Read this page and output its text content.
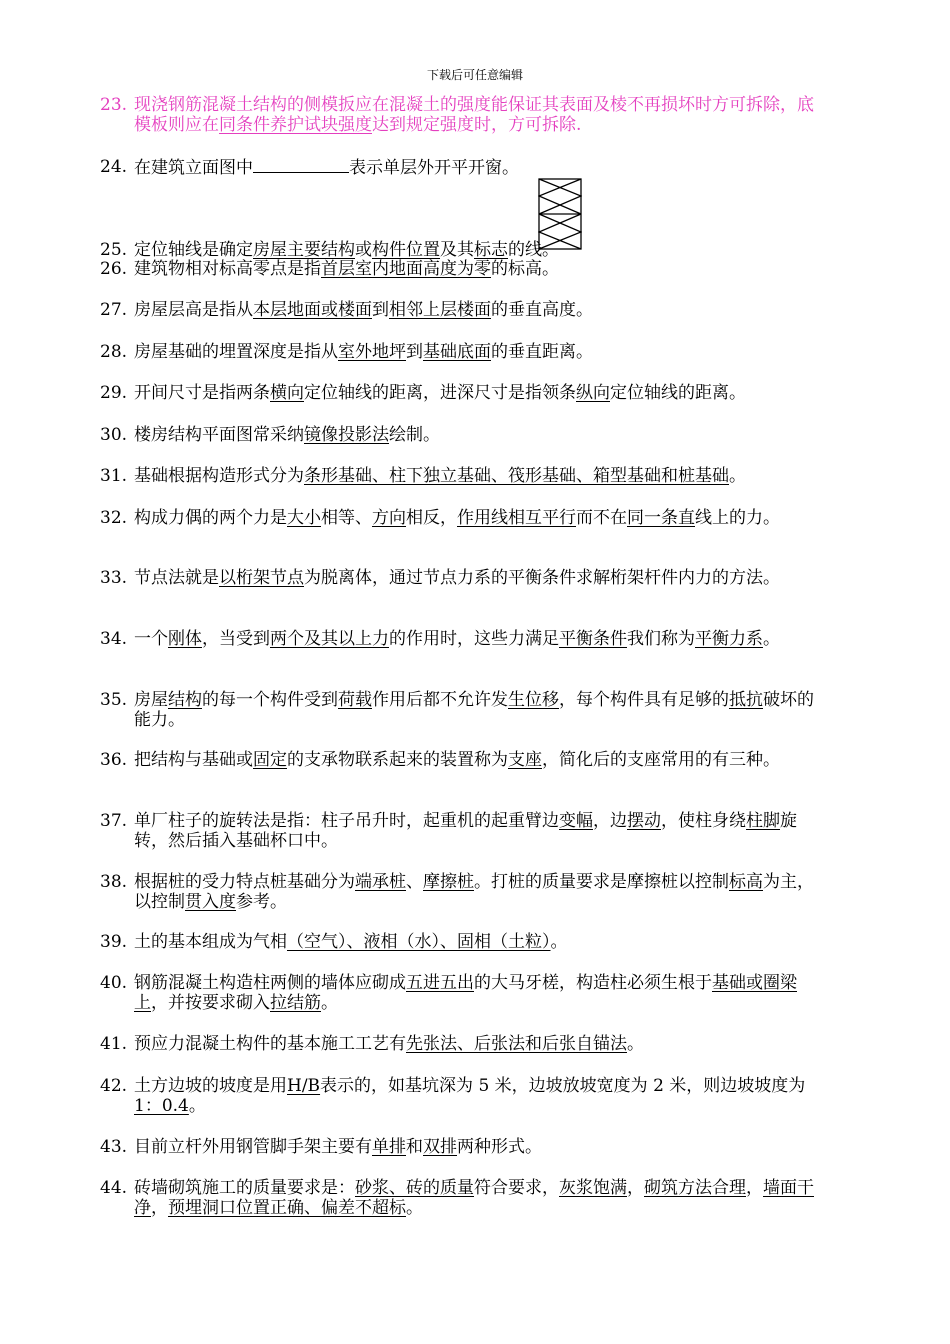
下载后可任意编辑
23. 现浇钢筋混凝土结构的侧模扳应在混凝土的强度能保证其表面及棱不再损坏时方可拆除，底模板则应在同条件养护试块强度达到规定强度时，方可拆除.
24. 在建筑立面图中	表示单层外开平开窗。
25. 定位轴线是确定房屋主要结构或构件位置及其标志的线。
26. 建筑物相对标高零点是指首层室内地面高度为零的标高。
27. 房屋层高是指从本层地面或楼面到相邻上层楼面的垂直高度。
28. 房屋基础的埋置深度是指从室外地坪到基础底面的垂直距离。
29. 开间尺寸是指两条横向定位轴线的距离，进深尺寸是指领条纵向定位轴线的距离。
30. 楼房结构平面图常采纳镜像投影法绘制。
31. 基础根据构造形式分为条形基础、柱下独立基础、筏形基础、箱型基础和桩基础。
32. 构成力偶的两个力是大小相等、方向相反，作用线相互平行而不在同一条直线上的力。
33. 节点法就是以桁架节点为脱离体，通过节点力系的平衡条件求解桁架杆件内力的方法。
34. 一个刚体，当受到两个及其以上力的作用时，这些力满足平衡条件我们称为平衡力系。
35. 房屋结构的每一个构件受到荷载作用后都不允许发生位移，每个构件具有足够的抵抗破坏的能力。
36. 把结构与基础或固定的支承物联系起来的装置称为支座，简化后的支座常用的有三种。
37. 单厂柱子的旋转法是指：柱子吊升时，起重机的起重臂边变幅，边摆动，使柱身绕柱脚旋转，然后插入基础杯口中。
38. 根据桩的受力特点桩基础分为端承桩、摩擦桩。打桩的质量要求是摩擦桩以控制标高为主，以控制贯入度参考。
39. 土的基本组成为气相（空气）、液相（水）、固相（土粒）。
40. 钢筋混凝土构造柱两侧的墙体应砌成五进五出的大马牙槎，构造柱必须生根于基础或圈梁上，并按要求砌入拉结筋。
41. 预应力混凝土构件的基本施工工艺有先张法、后张法和后张自锚法。
42. 土方边坡的坡度是用H/B表示的，如基坑深为 5 米，边坡放坡宽度为 2 米，则边坡坡度为1：0.4。
43. 目前立杆外用钢管脚手架主要有单排和双排两种形式。
44. 砖墙砌筑施工的质量要求是：砂浆、砖的质量符合要求，灰浆饱满，砌筑方法合理，墙面干净，预埋洞口位置正确、偏差不超标。
